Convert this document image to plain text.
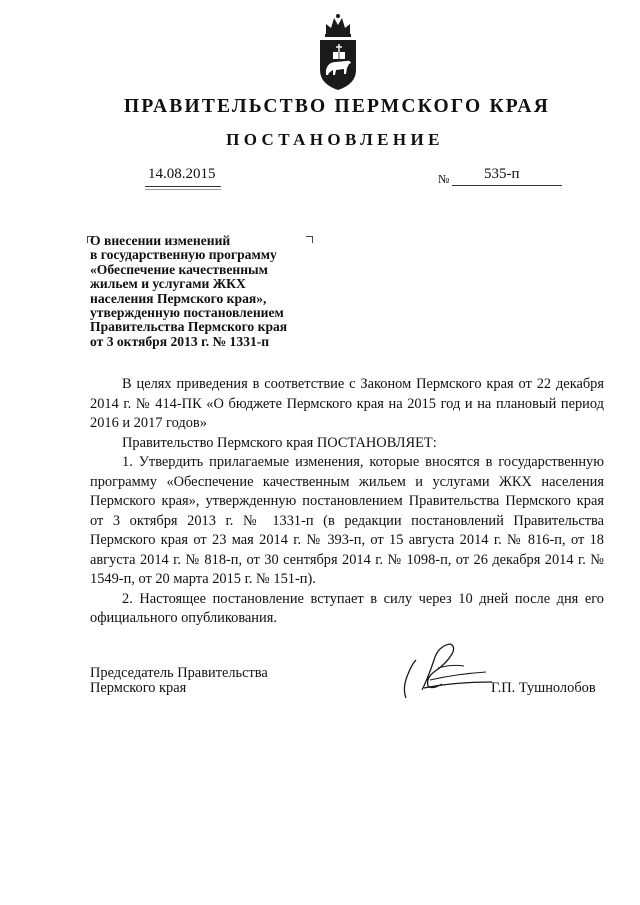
ПРАВИТЕЛЬСТВО ПЕРМСКОГО КРАЯ
ПОСТАНОВЛЕНИЕ
14.08.2015	№ 535-п
О внесении изменений
в государственную программу
«Обеспечение качественным
жильем и услугами ЖКХ
населения Пермского края»,
утвержденную постановлением
Правительства Пермского края
от 3 октября 2013 г. № 1331-п

В целях приведения в соответствие с Законом Пермского края от 22 декабря 2014 г. № 414-ПК «О бюджете Пермского края на 2015 год и на плановый период 2016 и 2017 годов»

Правительство Пермского края ПОСТАНОВЛЯЕТ:

1. Утвердить прилагаемые изменения, которые вносятся в государственную программу «Обеспечение качественным жильем и услугами ЖКХ населения Пермского края», утвержденную постановлением Правительства Пермского края от 3 октября 2013 г. № 1331-п (в редакции постановлений Правительства Пермского края от 23 мая 2014 г. № 393-п, от 15 августа 2014 г. № 816-п, от 18 августа 2014 г. № 818-п, от 30 сентября 2014 г. № 1098-п, от 26 декабря 2014 г. № 1549-п, от 20 марта 2015 г. № 151-п).

2. Настоящее постановление вступает в силу через 10 дней после дня его официального опубликования.

Председатель Правительства
Пермского края	Г.П. Тушнолобов
